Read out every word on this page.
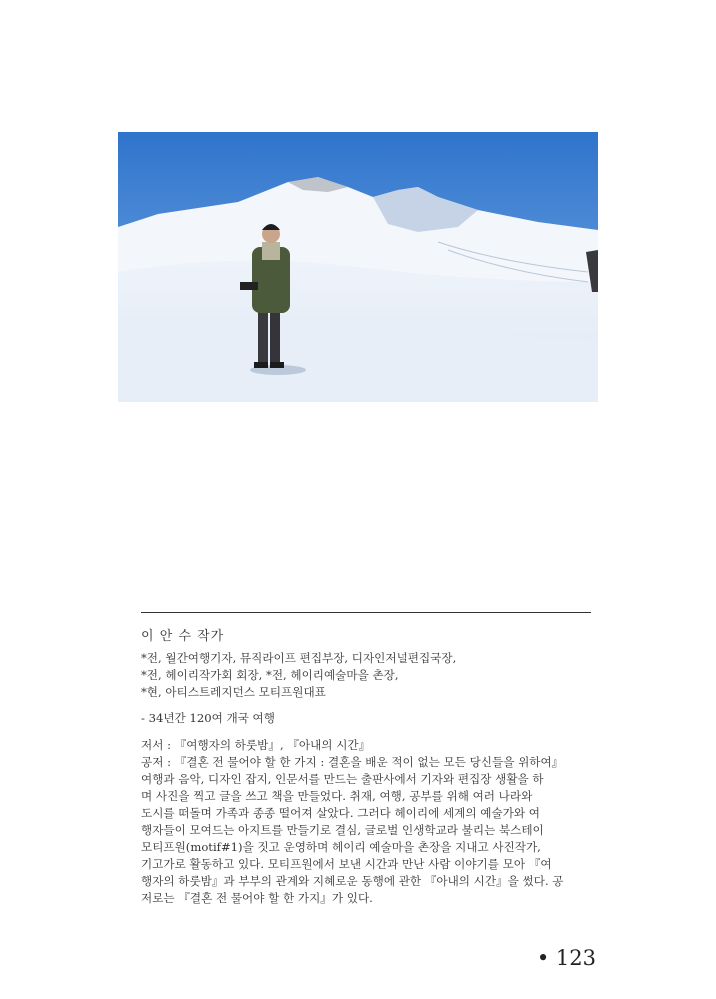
이 안 수 작가
*전, 월간여행기자, 뮤직라이프 편집부장, 디자인저널편집국장,
*전, 헤이리작가회 회장, *전, 헤이리예술마을 촌장,
*현, 아티스트레지던스 모티프원대표
- 34년간 120여 개국 여행
저서 : 『여행자의 하룻밤』, 『아내의 시간』
공저 : 『결혼 전 물어야 할 한 가지 : 결혼을 배운 적이 없는 모든 당신들을 위하여』
여행과 음악, 디자인 잡지, 인문서를 만드는 출판사에서 기자와 편집장 생활을 하
며 사진을 찍고 글을 쓰고 책을 만들었다. 취재, 여행, 공부를 위해 여러 나라와
도시를 떠돌며 가족과 종종 떨어져 살았다. 그러다 헤이리에 세계의 예술가와 여
행자들이 모여드는 아지트를 만들기로 결심, 글로벌 인생학교라 불리는 북스테이
모티프원(motif#1)을 짓고 운영하며 헤이리 예술마을 촌장을 지내고 사진작가,
기고가로 활동하고 있다. 모티프원에서 보낸 시간과 만난 사람 이야기를 모아 『여
행자의 하룻밤』과 부부의 관계와 지혜로운 동행에 관한 『아내의 시간』을 썼다. 공
저로는 『결혼 전 물어야 할 한 가지』가 있다.
• 123
